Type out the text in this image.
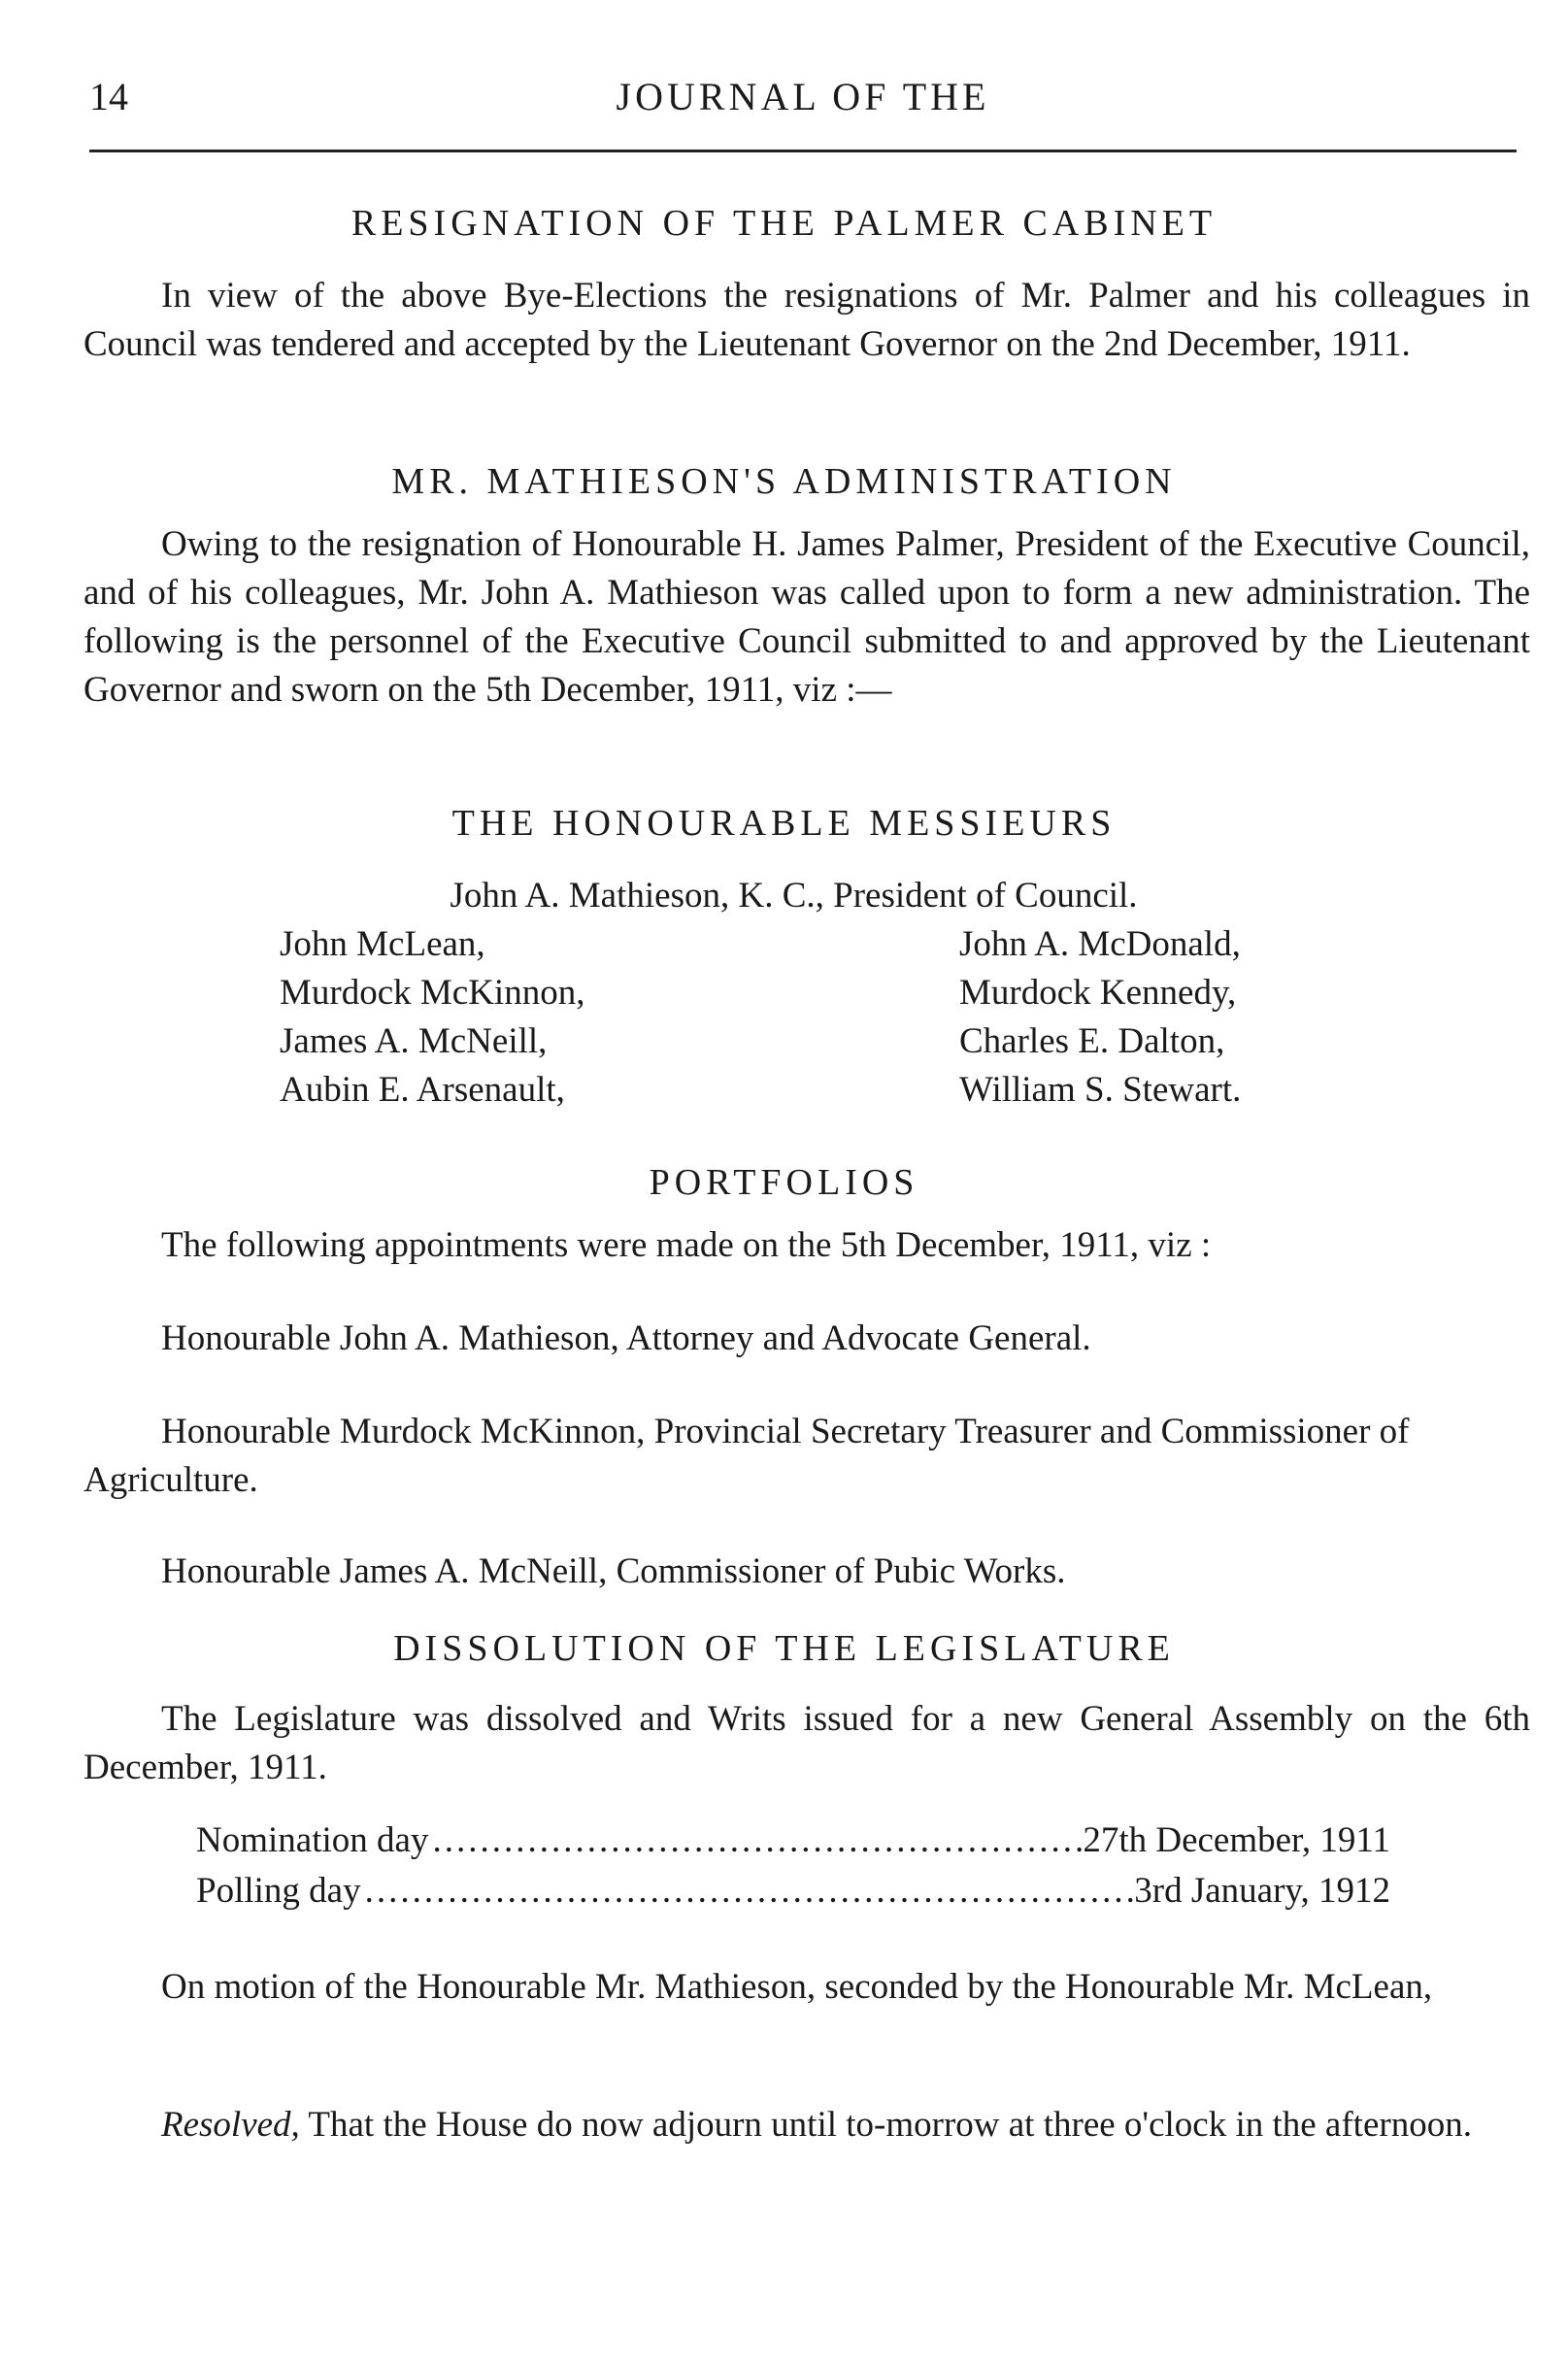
14	JOURNAL OF THE
RESIGNATION OF THE PALMER CABINET
In view of the above Bye-Elections the resignations of Mr. Palmer and his colleagues in Council was tendered and accepted by the Lieutenant Governor on the 2nd December, 1911.
MR. MATHIESON'S ADMINISTRATION
Owing to the resignation of Honourable H. James Palmer, President of the Executive Council, and of his colleagues, Mr. John A. Mathieson was called upon to form a new administration. The following is the personnel of the Executive Council submitted to and approved by the Lieutenant Governor and sworn on the 5th December, 1911, viz :—
THE HONOURABLE MESSIEURS
John A. Mathieson, K. C., President of Council.
John McLean,	John A. McDonald,
Murdock McKinnon,	Murdock Kennedy,
James A. McNeill,	Charles E. Dalton,
Aubin E. Arsenault,	William S. Stewart.
PORTFOLIOS
The following appointments were made on the 5th December, 1911, viz :
Honourable John A. Mathieson, Attorney and Advocate General.
Honourable Murdock McKinnon, Provincial Secretary Treasurer and Commissioner of Agriculture.
Honourable James A. McNeill, Commissioner of Pubic Works.
DISSOLUTION OF THE LEGISLATURE
The Legislature was dissolved and Writs issued for a new General Assembly on the 6th December, 1911.
Nomination day .....	27th December, 1911
Polling day .....	3rd January, 1912
On motion of the Honourable Mr. Mathieson, seconded by the Honourable Mr. McLean,
Resolved, That the House do now adjourn until to-morrow at three o'clock in the afternoon.
